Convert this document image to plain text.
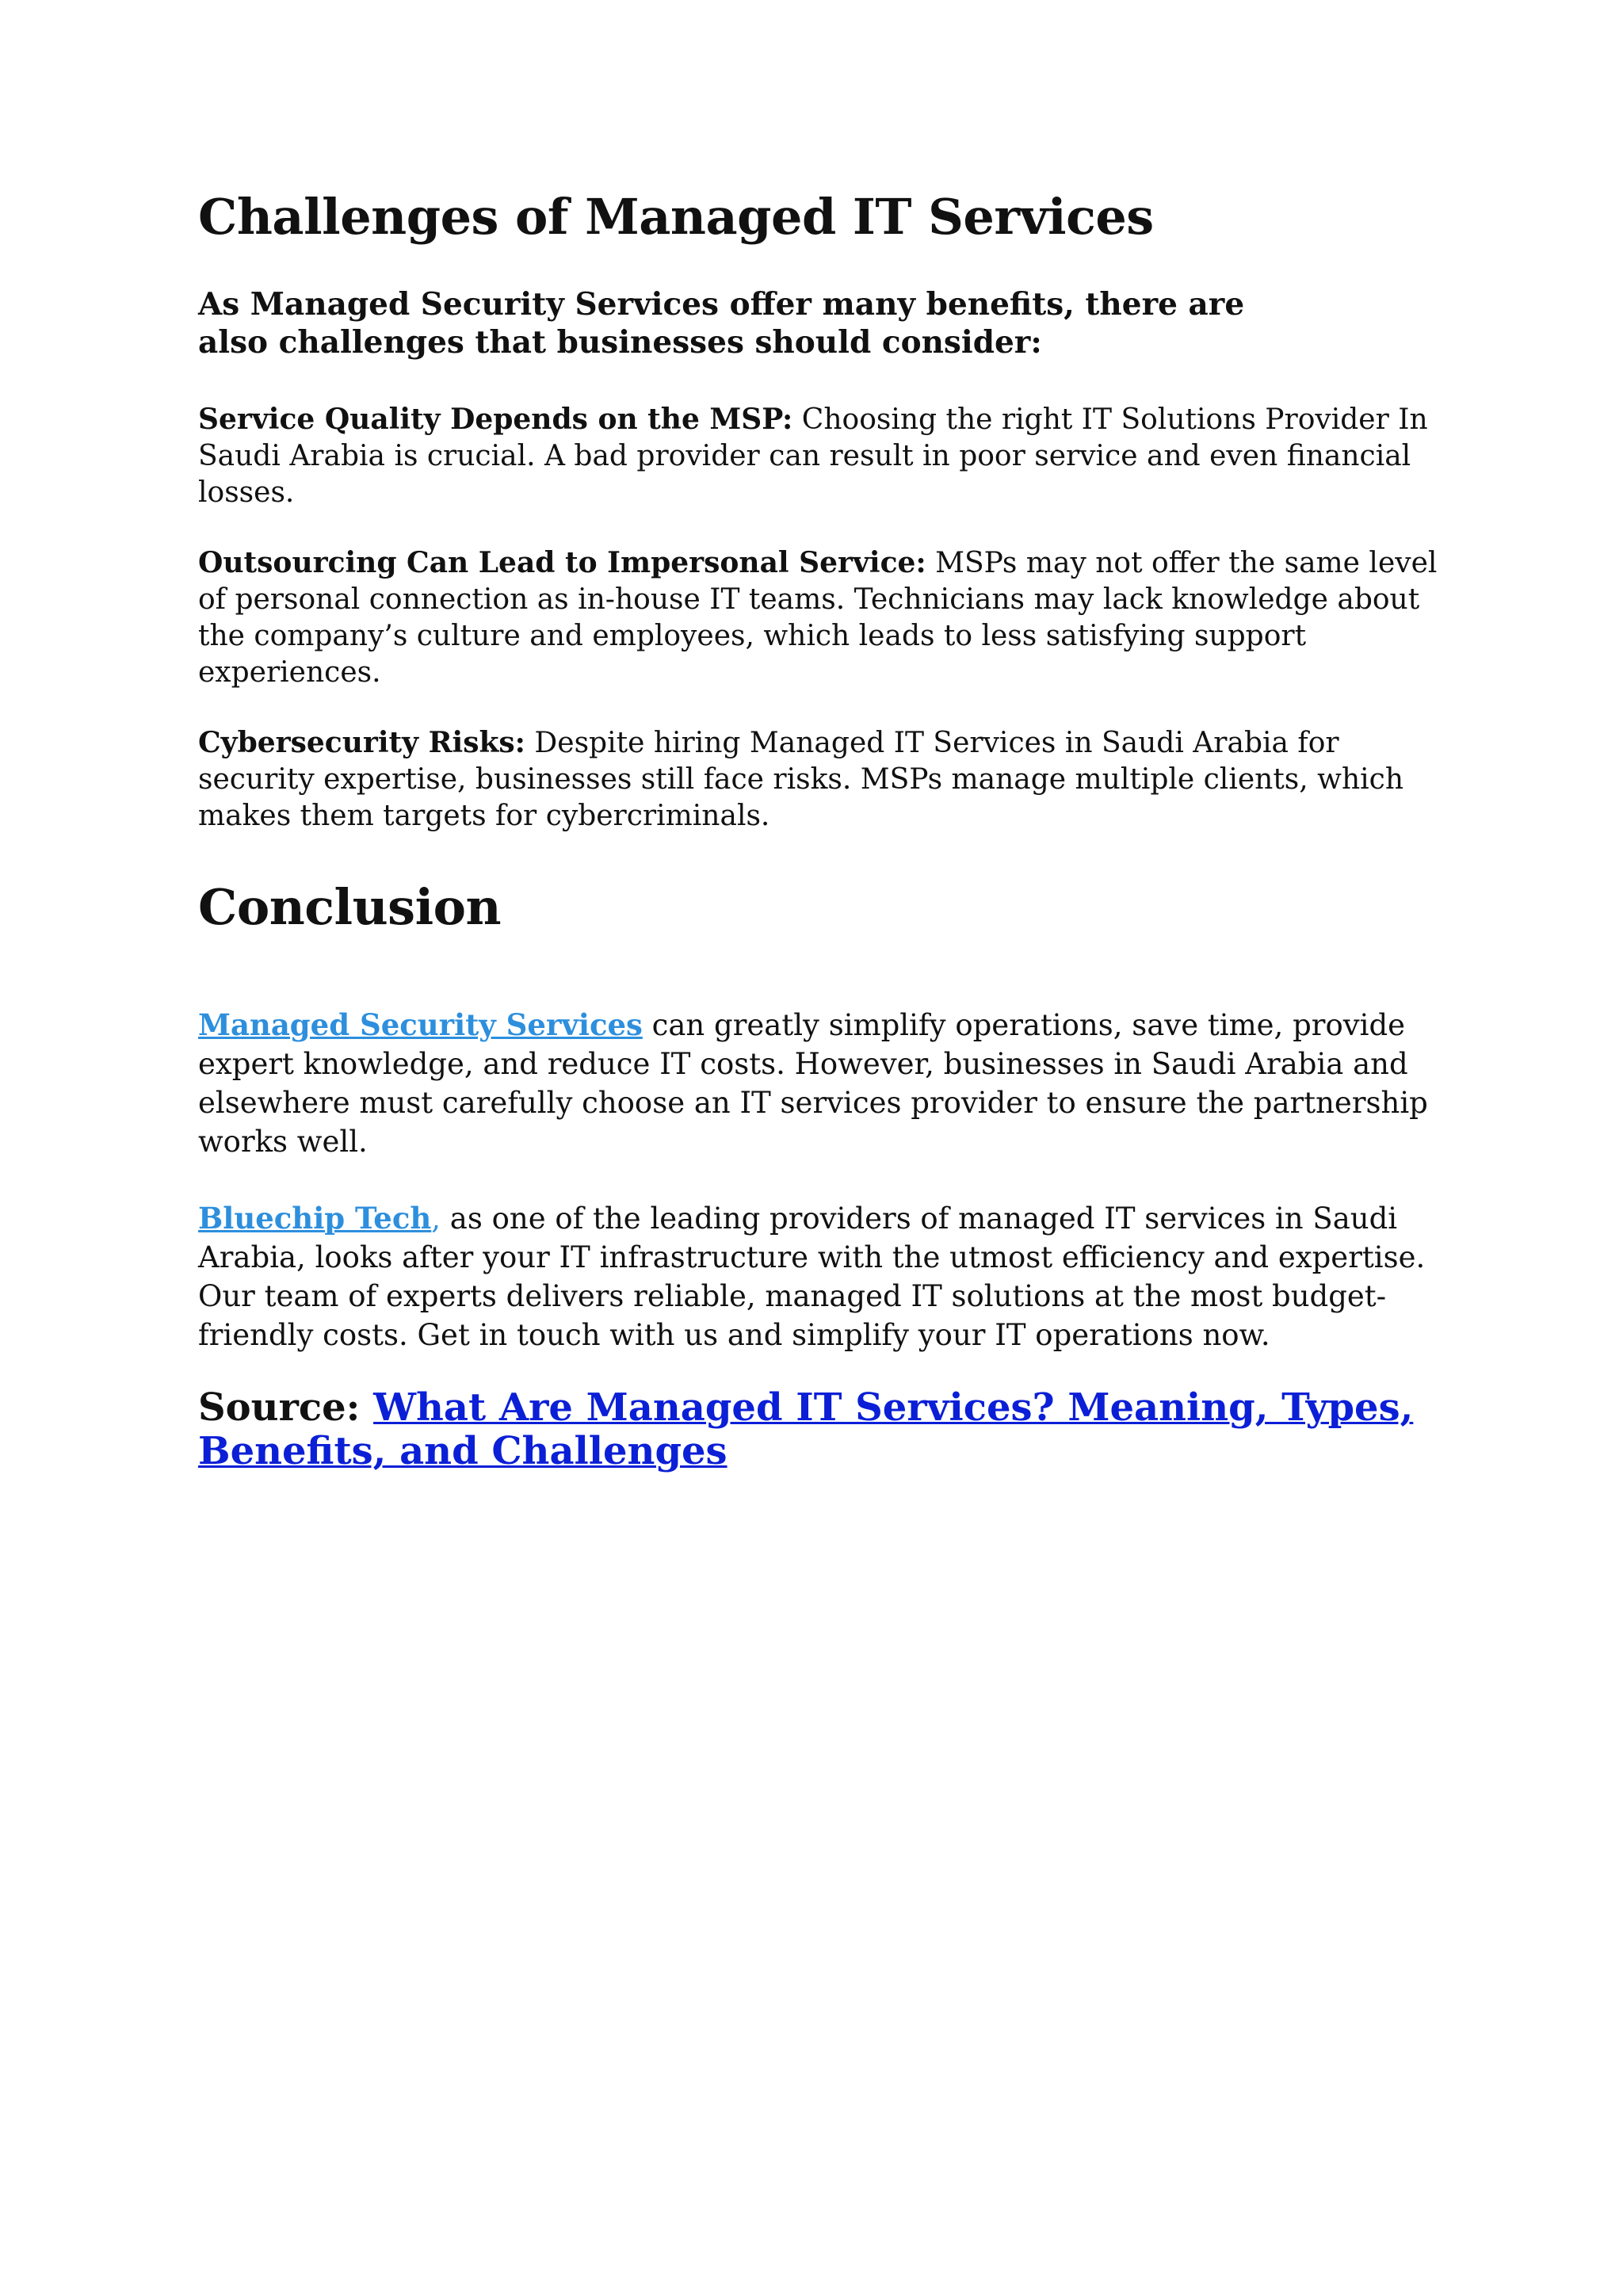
Challenges of Managed IT Services
As Managed Security Services offer many benefits, there are also challenges that businesses should consider:

Service Quality Depends on the MSP: Choosing the right IT Solutions Provider In Saudi Arabia is crucial. A bad provider can result in poor service and even financial losses.

Outsourcing Can Lead to Impersonal Service: MSPs may not offer the same level of personal connection as in-house IT teams. Technicians may lack knowledge about the company’s culture and employees, which leads to less satisfying support experiences.

Cybersecurity Risks: Despite hiring Managed IT Services in Saudi Arabia for security expertise, businesses still face risks. MSPs manage multiple clients, which makes them targets for cybercriminals.

Conclusion

Managed Security Services can greatly simplify operations, save time, provide expert knowledge, and reduce IT costs. However, businesses in Saudi Arabia and elsewhere must carefully choose an IT services provider to ensure the partnership works well.

Bluechip Tech, as one of the leading providers of managed IT services in Saudi Arabia, looks after your IT infrastructure with the utmost efficiency and expertise. Our team of experts delivers reliable, managed IT solutions at the most budget-friendly costs. Get in touch with us and simplify your IT operations now.

Source: What Are Managed IT Services? Meaning, Types, Benefits, and Challenges
